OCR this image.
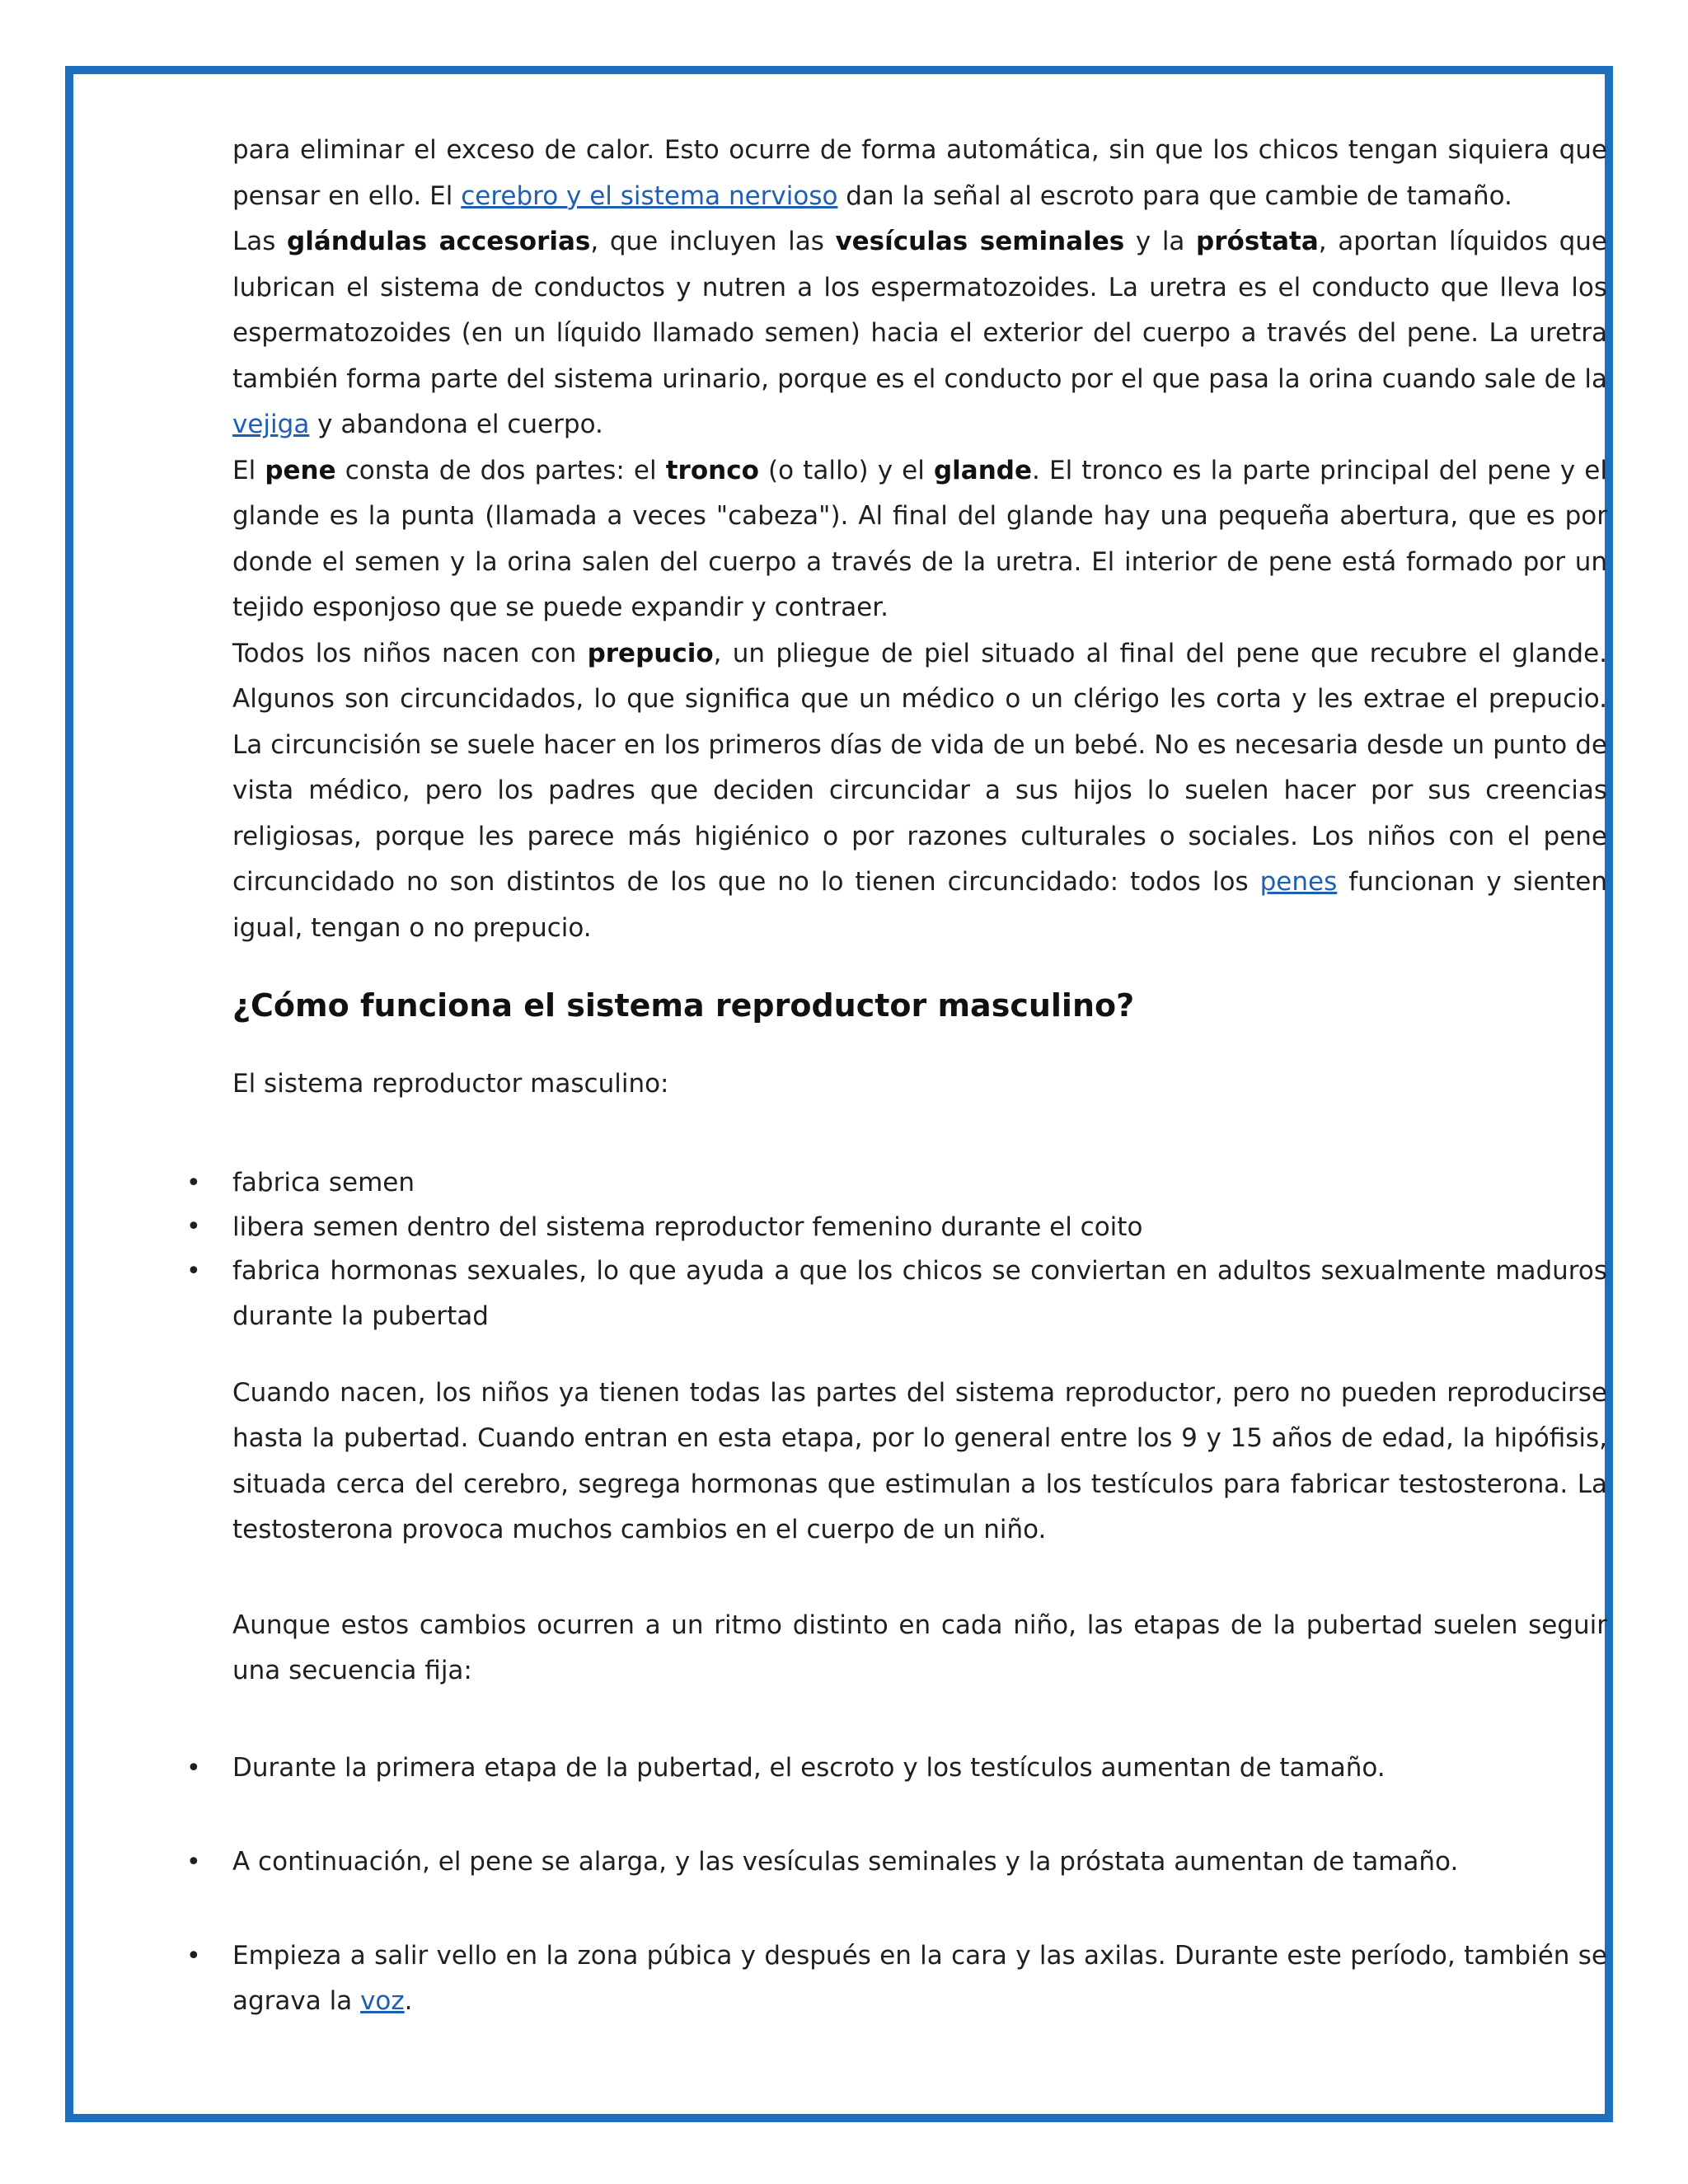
para eliminar el exceso de calor. Esto ocurre de forma automática, sin que los chicos tengan siquiera que pensar en ello. El cerebro y el sistema nervioso dan la señal al escroto para que cambie de tamaño.

Las glándulas accesorias, que incluyen las vesículas seminales y la próstata, aportan líquidos que lubrican el sistema de conductos y nutren a los espermatozoides. La uretra es el conducto que lleva los espermatozoides (en un líquido llamado semen) hacia el exterior del cuerpo a través del pene. La uretra también forma parte del sistema urinario, porque es el conducto por el que pasa la orina cuando sale de la vejiga y abandona el cuerpo.

El pene consta de dos partes: el tronco (o tallo) y el glande. El tronco es la parte principal del pene y el glande es la punta (llamada a veces "cabeza"). Al final del glande hay una pequeña abertura, que es por donde el semen y la orina salen del cuerpo a través de la uretra. El interior de pene está formado por un tejido esponjoso que se puede expandir y contraer.

Todos los niños nacen con prepucio, un pliegue de piel situado al final del pene que recubre el glande. Algunos son circuncidados, lo que significa que un médico o un clérigo les corta y les extrae el prepucio. La circuncisión se suele hacer en los primeros días de vida de un bebé. No es necesaria desde un punto de vista médico, pero los padres que deciden circuncidar a sus hijos lo suelen hacer por sus creencias religiosas, porque les parece más higiénico o por razones culturales o sociales. Los niños con el pene circuncidado no son distintos de los que no lo tienen circuncidado: todos los penes funcionan y sienten igual, tengan o no prepucio.

¿Cómo funciona el sistema reproductor masculino?

El sistema reproductor masculino:

• fabrica semen
• libera semen dentro del sistema reproductor femenino durante el coito
• fabrica hormonas sexuales, lo que ayuda a que los chicos se conviertan en adultos sexualmente maduros durante la pubertad

Cuando nacen, los niños ya tienen todas las partes del sistema reproductor, pero no pueden reproducirse hasta la pubertad. Cuando entran en esta etapa, por lo general entre los 9 y 15 años de edad, la hipófisis, situada cerca del cerebro, segrega hormonas que estimulan a los testículos para fabricar testosterona. La testosterona provoca muchos cambios en el cuerpo de un niño.

Aunque estos cambios ocurren a un ritmo distinto en cada niño, las etapas de la pubertad suelen seguir una secuencia fija:

• Durante la primera etapa de la pubertad, el escroto y los testículos aumentan de tamaño.
• A continuación, el pene se alarga, y las vesículas seminales y la próstata aumentan de tamaño.
• Empieza a salir vello en la zona púbica y después en la cara y las axilas. Durante este período, también se agrava la voz.
